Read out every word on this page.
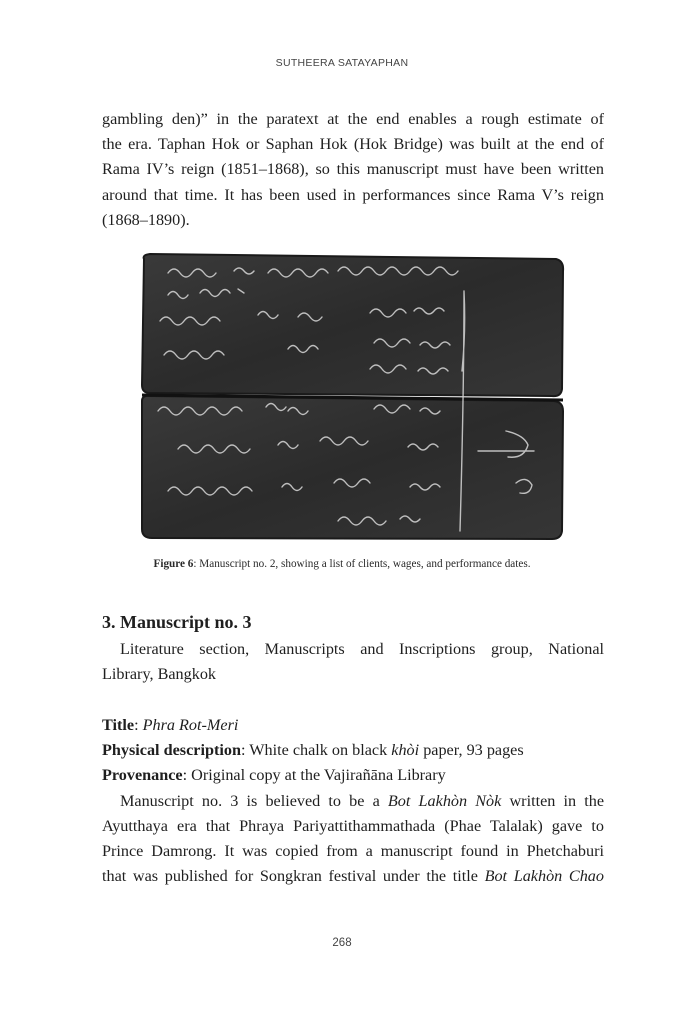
SUTHEERA SATAYAPHAN
gambling den)” in the paratext at the end enables a rough estimate of
the era. Taphan Hok or Saphan Hok (Hok Bridge) was built at the end of
Rama IV’s reign (1851–1868), so this manuscript must have been written
around that time. It has been used in performances since Rama V’s reign
(1868–1890).
Figure 6: Manuscript no. 2, showing a list of clients, wages, and performance dates.
3. Manuscript no. 3
Literature section, Manuscripts and Inscriptions group, National
Library, Bangkok
Title: Phra Rot-Meri
Physical description: White chalk on black khòi paper, 93 pages
Provenance: Original copy at the Vajirañāna Library
Manuscript no. 3 is believed to be a Bot Lakhòn Nòk written in the
Ayutthaya era that Phraya Pariyattithammathada (Phae Talalak) gave to
Prince Damrong. It was copied from a manuscript found in Phetchaburi
that was published for Songkran festival under the title Bot Lakhòn Chao
268
